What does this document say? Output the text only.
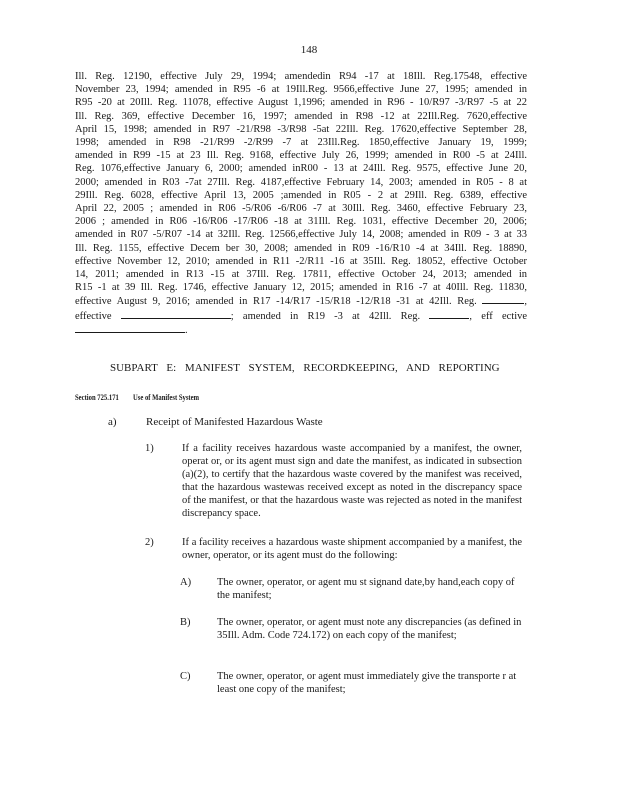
148
Ill. Reg. 12190, effective July 29, 1994; amendedin R94 -17 at 18Ill. Reg.17548, effective
November 23, 1994; amended in R95 -6 at 19Ill.Reg. 9566,effective June 27, 1995; amended in
R95 -20 at 20Ill. Reg. 11078, effective August 1,1996; amended in R96 - 10/R97 -3/R97 -5 at 22
Ill. Reg. 369, effective December 16, 1997; amended in R98 -12 at 22Ill.Reg. 7620,effective
April 15, 1998; amended in R97 -21/R98 -3/R98 -5at 22Ill. Reg. 17620,effective September 28,
1998; amended in R98 -21/R99 -2/R99 -7 at 23Ill.Reg. 1850,effective January 19, 1999;
amended in R99 -15 at 23 Ill. Reg. 9168, effective July 26, 1999; amended in R00 -5 at 24Ill.
Reg. 1076,effective January 6, 2000; amended inR00 - 13 at 24Ill. Reg. 9575, effective June 20,
2000; amended in R03 -7at 27Ill. Reg. 4187,effective February 14, 2003; amended in R05 - 8 at
29Ill. Reg. 6028, effective April 13, 2005 ;amended in R05 - 2 at 29Ill. Reg. 6389, effective
April 22, 2005 ; amended in R06 -5/R06 -6/R06 -7 at 30Ill. Reg. 3460, effective February 23,
2006 ; amended in R06 -16/R06 -17/R06 -18 at 31Ill. Reg. 1031, effective December 20, 2006;
amended in R07 -5/R07 -14 at 32Ill. Reg. 12566,effective July 14, 2008; amended in R09 - 3 at 33
Ill. Reg. 1155, effective Decem ber 30, 2008; amended in R09 -16/R10 -4 at 34Ill. Reg. 18890,
effective November 12, 2010; amended in R11 -2/R11 -16 at 35Ill. Reg. 18052, effective October
14, 2011; amended in R13 -15 at 37Ill. Reg. 17811, effective October 24, 2013; amended in
R15 -1 at 39 Ill. Reg. 1746, effective January 12, 2015; amended in R16 -7 at 40Ill. Reg. 11830,
effective August 9, 2016; amended in R17 -14/R17 -15/R18 -12/R18 -31 at 42Ill. Reg.	,
effective	; amended in R19 -3 at 42Ill. Reg.	, eff ective
.
SUBPART E: MANIFEST SYSTEM, RECORDKEEPING, AND REPORTING
Section 725.171 Use of Manifest System
a)	Receipt of Manifested Hazardous Waste
1)	If a facility receives hazardous waste accompanied by a manifest, the owner, operat or, or its agent must sign and date the manifest, as indicated in subsection (a)(2), to certify that the hazardous waste covered by the manifest was received, that the hazardous wastewas received except as noted in the discrepancy space of the manifest, or that the hazardous waste was rejected as noted in the manifest discrepancy space.
2)	If a facility receives a hazardous waste shipment accompanied by a manifest, the owner, operator, or its agent must do the following:
A) The owner, operator, or agent mu st signand date,by hand,each copy of the manifest;
B)	The owner, operator, or agent must note any discrepancies (as defined in 35Ill. Adm. Code 724.172) on each copy of the manifest;
C)	The owner, operator, or agent must immediately give the transporte r at least one copy of the manifest;
